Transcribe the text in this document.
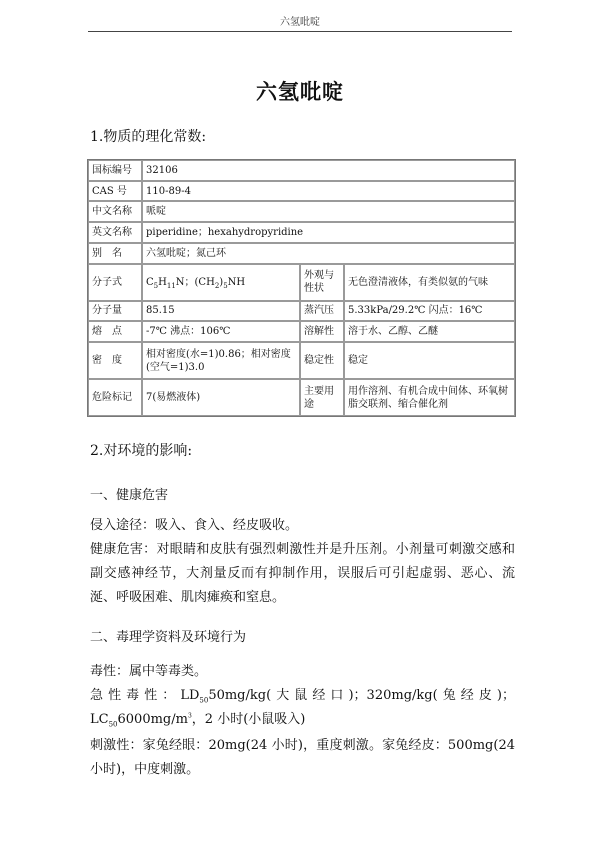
六氢吡啶
六氢吡啶
1.物质的理化常数:
国标编号	32106		
CAS 号	110-89-4		
中文名称	哌啶		
英文名称	piperidine；hexahydropyridine		
别　名	六氢吡啶；氮己环		
分子式	$C_5H_{11}N$；$(CH_2)_5NH$	外观与性状	无色澄清液体，有类似氨的气味
分子量	85.15	蒸汽压	5.33kPa/29.2℃ 闪点：16℃
熔　点	-7℃ 沸点：106℃	溶解性	溶于水、乙醇、乙醚
密　度	相对密度(水=1)0.86；相对密度(空气=1)3.0	稳定性	稳定
危险标记	7(易燃液体)	主要用途	用作溶剂、有机合成中间体、环氧树脂交联剂、缩合催化剂
2.对环境的影响:
一、健康危害
侵入途径：吸入、食入、经皮吸收。
健康危害：对眼睛和皮肤有强烈刺激性并是升压剂。小剂量可刺激交感和副交感神经节，大剂量反而有抑制作用，误服后可引起虚弱、恶心、流涎、呼吸困难、肌肉瘫痪和窒息。
二、毒理学资料及环境行为
毒性：属中等毒类。
急性毒性：$LD_{50}50mg/kg$(大鼠经口)；320mg/kg(兔经皮)；$LC_{50}6000mg/m^3$，2 小时(小鼠吸入)
刺激性：家兔经眼：20mg(24 小时)，重度刺激。家兔经皮：500mg(24 小时)，中度刺激。
